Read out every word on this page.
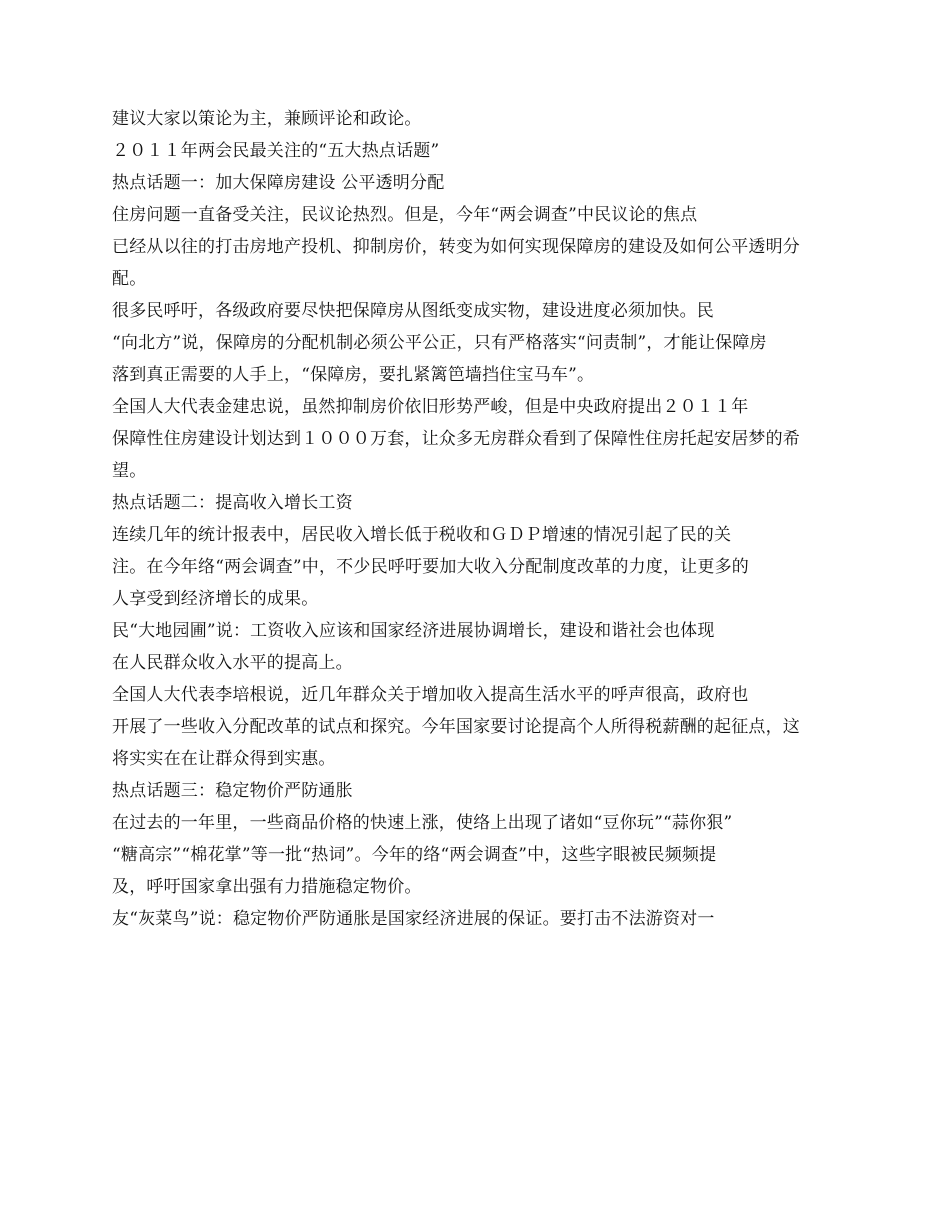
建议大家以策论为主，兼顾评论和政论。

２０１１年两会民最关注的“五大热点话题”

热点话题一：加大保障房建设 公平透明分配

住房问题一直备受关注，民议论热烈。但是，今年“两会调查”中民议论的焦点

已经从以往的打击房地产投机、抑制房价，转变为如何实现保障房的建设及如何公平透明分

配。

很多民呼吁，各级政府要尽快把保障房从图纸变成实物，建设进度必须加快。民

“向北方”说，保障房的分配机制必须公平公正，只有严格落实“问责制”，才能让保障房

落到真正需要的人手上，“保障房，要扎紧篱笆墙挡住宝马车”。

全国人大代表金建忠说，虽然抑制房价依旧形势严峻，但是中央政府提出２０１１年

保障性住房建设计划达到１０００万套，让众多无房群众看到了保障性住房托起安居梦的希

望。

热点话题二：提高收入增长工资

连续几年的统计报表中，居民收入增长低于税收和ＧＤＰ增速的情况引起了民的关

注。在今年络“两会调查”中，不少民呼吁要加大收入分配制度改革的力度，让更多的

人享受到经济增长的成果。

民“大地园圃”说：工资收入应该和国家经济进展协调增长，建设和谐社会也体现

在人民群众收入水平的提高上。

全国人大代表李培根说，近几年群众关于增加收入提高生活水平的呼声很高，政府也

开展了一些收入分配改革的试点和探究。今年国家要讨论提高个人所得税薪酬的起征点，这

将实实在在让群众得到实惠。

热点话题三：稳定物价严防通胀

在过去的一年里，一些商品价格的快速上涨，使络上出现了诸如“豆你玩”“蒜你狠”

“糖高宗”“棉花掌”等一批“热词”。今年的络“两会调查”中，这些字眼被民频频提

及，呼吁国家拿出强有力措施稳定物价。

友“灰菜鸟”说：稳定物价严防通胀是国家经济进展的保证。要打击不法游资对一
